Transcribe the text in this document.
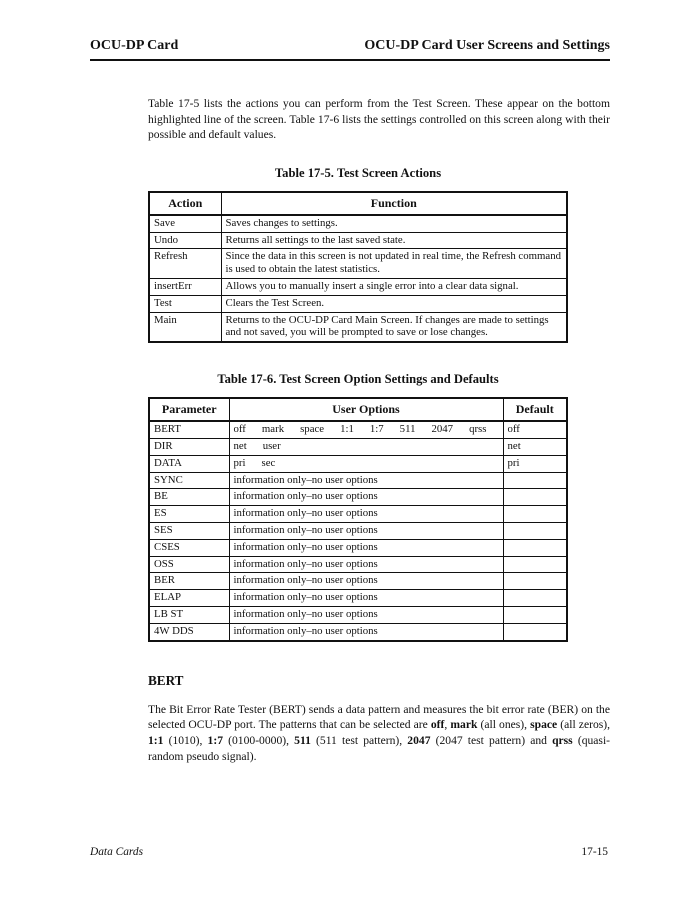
OCU-DP Card	OCU-DP Card User Screens and Settings

Table 17-5 lists the actions you can perform from the Test Screen. These appear on the bottom highlighted line of the screen. Table 17-6 lists the settings controlled on this screen along with their possible and default values.

Table 17-5. Test Screen Actions
Action	Function
Save	Saves changes to settings.
Undo	Returns all settings to the last saved state.
Refresh	Since the data in this screen is not updated in real time, the Refresh command is used to obtain the latest statistics.
insertErr	Allows you to manually insert a single error into a clear data signal.
Test	Clears the Test Screen.
Main	Returns to the OCU-DP Card Main Screen. If changes are made to settings and not saved, you will be prompted to save or lose changes.
Table 17-6. Test Screen Option Settings and Defaults
Parameter	User Options	Default
BERT	off mark space 1:1 1:7 511 2047 qrss	off
DIR	net user	net
DATA	pri sec	pri
SYNC	information only–no user options	
BE	information only–no user options	
ES	information only–no user options	
SES	information only–no user options	
CSES	information only–no user options	
OSS	information only–no user options	
BER	information only–no user options	
ELAP	information only–no user options	
LB ST	information only–no user options	
4W DDS	information only–no user options	
BERT

The Bit Error Rate Tester (BERT) sends a data pattern and measures the bit error rate (BER) on the selected OCU-DP port. The patterns that can be selected are off, mark (all ones), space (all zeros), 1:1 (1010), 1:7 (0100-0000), 511 (511 test pattern), 2047 (2047 test pattern) and qrss (quasi-random pseudo signal).

Data Cards	17-15
